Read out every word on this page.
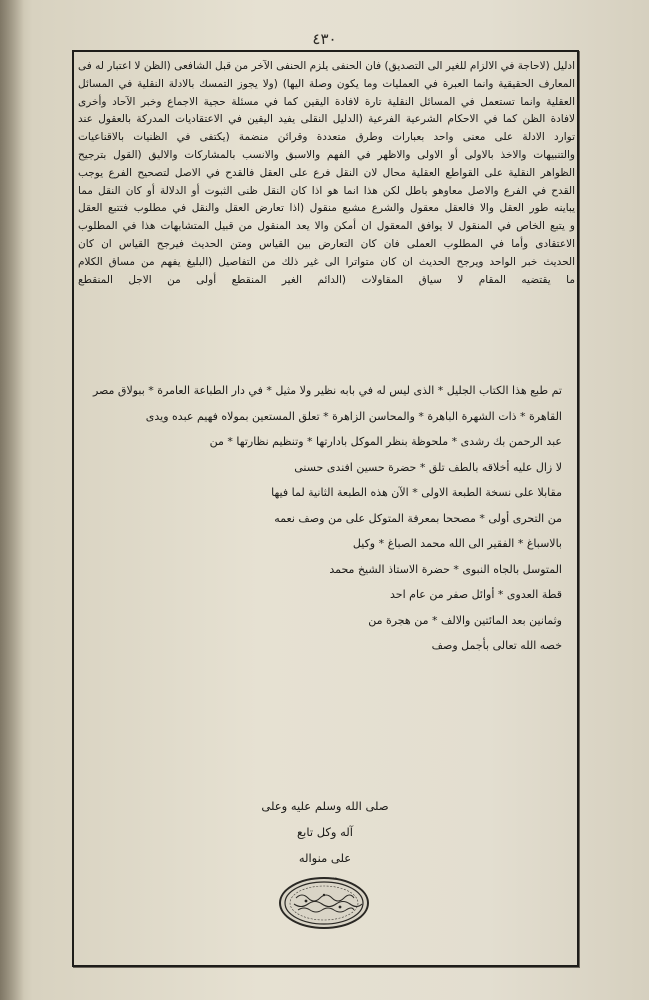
٤٣٠
ادليل (لاحاجة في الالزام للغير الى التصديق) فان الحنفى يلزم الحنفى الآخر من قبل الشافعى (الظن لا اعتبار له فى
المعارف الحقيقية وانما العبرة في العمليات وما يكون وصلة اليها) (ولا يجوز التمسك بالادلة النقلية في المسائل
العقلية وانما تستعمل في المسائل النقلية تارة لافادة اليقين كما في مسئلة حجية الاجماع وخبر الآحاد وأخرى
لافادة الظن كما في الاحكام الشرعية الفرعية (الدليل النقلى يفيد اليقين في الاعتقاديات المدركة بالعقول عند
توارد الادلة على معنى واحد بعبارات وطرق متعددة وقرائن منضمة (يكتفى في الظنيات بالاقناعيات
والتنبيهات والاخذ بالاولى أو الاولى والاظهر في الفهم والاسبق والانسب بالمشاركات والاليق (القول بترجيح
الظواهر النقلية على القواطع العقلية محال لان النقل فرع على العقل فالقدح في الاصل لتصحيح الفرع يوجب
القدح في الفرع والاصل معاوهو باطل لكن هذا انما هو اذا كان النقل ظنى الثبوت أو الدلالة أو كان النقل مما
يباينه طور العقل والا فالعقل معقول والشرع مشبع منقول (اذا تعارض العقل والنقل في مطلوب فتتبع العقل
و يتبع الخاص في المنقول لا يوافق المعقول ان أمكن والا يعد المنقول من قبيل المتشابهات هذا في المطلوب
الاعتقادى وأما في المطلوب العملى فان كان التعارض بين القياس ومتن الحديث فيرجح القياس ان كان
الحديث خبر الواحد ويرجح الحديث ان كان متواترا الى غير ذلك من التفاصيل (البليغ يفهم من مساق الكلام
ما يقتضيه المقام لا سياق المقاولات (الدائم الغير المنقطع أولى من الاجل المنقطع
تم طبع هذا الكتاب الجليل * الذى ليس له في بابه نظير ولا مثيل * في دار الطباعة العامرة * ببولاق مصر
القاهرة * ذات الشهرة الباهرة * والمحاسن الزاهرة * تعلق المستعين بمولاه فهيم عبده ويدى
عبد الرحمن بك رشدى * ملحوظة بنظر الموكل بادارتها * وتنظيم نظارتها * من
لا زال عليه أخلاقه بالطف تلق * حضرة حسين افندى حسنى
مقابلا على نسخة الطبعة الاولى * الآن هذه الطبعة الثانية لما فيها
من التحرى أولى * مصححا بمعرفة المتوكل على من وصف نعمه
بالاسباغ * الفقير الى الله محمد الصباغ * وكيل
المتوسل بالجاه النبوى * حضرة الاستاذ الشيخ محمد
قطة العدوى * أوائل صفر من عام احد
وثمانين بعد المائتين والالف * من هجرة من
خصه الله تعالى بأجمل وصف
صلى الله وسلم عليه وعلى
آله وكل تابع
على منواله
